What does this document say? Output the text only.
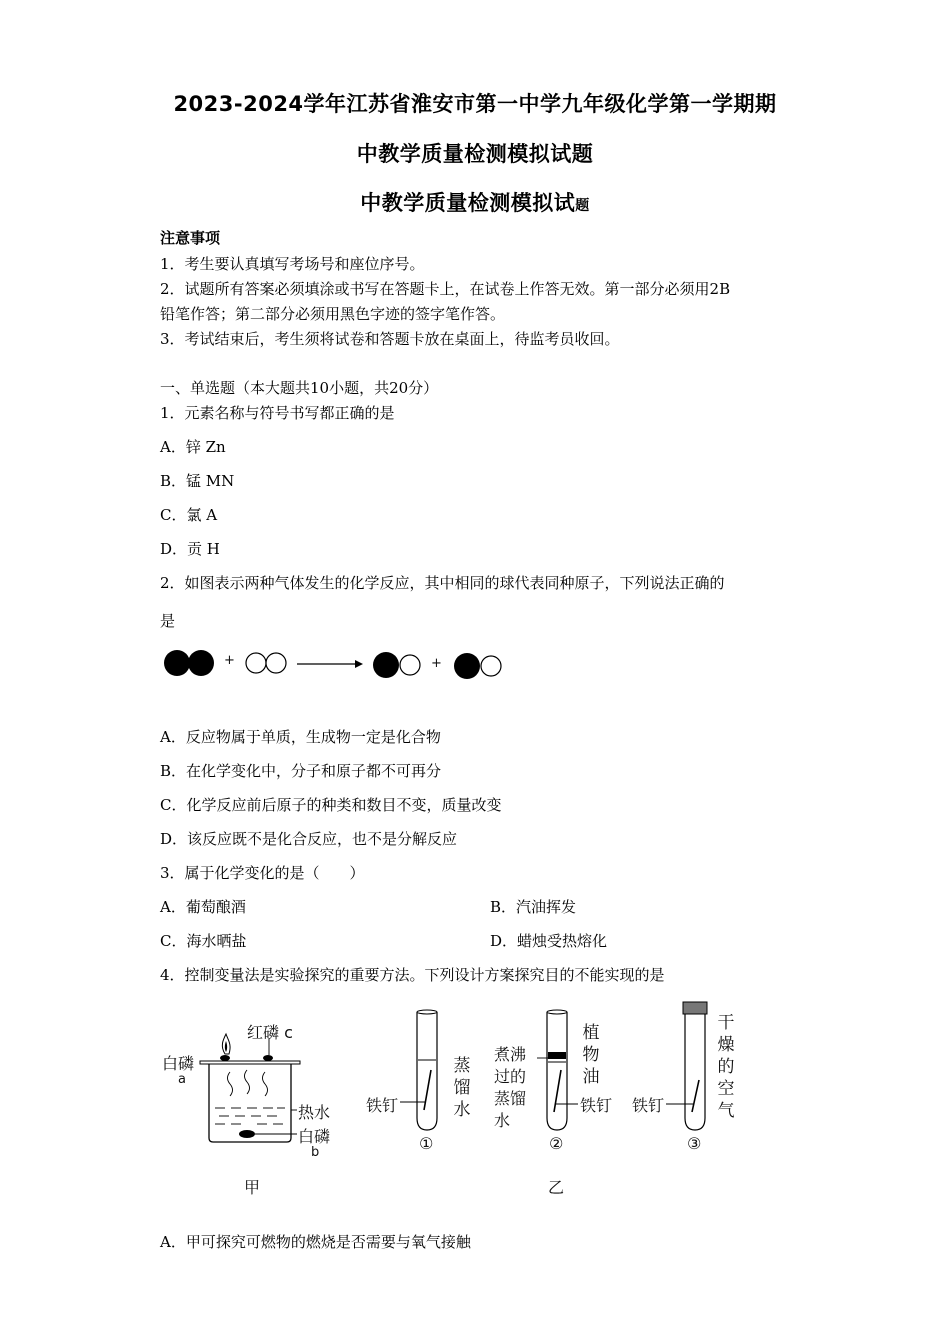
2023-2024学年江苏省淮安市第一中学九年级化学第一学期期
中教学质量检测模拟试题
中教学质量检测模拟试题
注意事项
1．考生要认真填写考场号和座位序号。
2．试题所有答案必须填涂或书写在答题卡上，在试卷上作答无效。第一部分必须用2B
铅笔作答；第二部分必须用黑色字迹的签字笔作答。
3．考试结束后，考生须将试卷和答题卡放在桌面上，待监考员收回。
一、单选题（本大题共10小题，共20分）
1．元素名称与符号书写都正确的是
A．锌 Zn
B．锰 MN
C．氯 A
D．贡 H
2．如图表示两种气体发生的化学反应，其中相同的球代表同种原子，下列说法正确的
是
+	+
A．反应物属于单质，生成物一定是化合物
B．在化学变化中，分子和原子都不可再分
C．化学反应前后原子的种类和数目不变，质量改变
D．该反应既不是化合反应，也不是分解反应
3．属于化学变化的是（　　）
A．葡萄酿酒	B．汽油挥发
C．海水晒盐	D．蜡烛受热熔化
4．控制变量法是实验探究的重要方法。下列设计方案探究目的不能实现的是
红磷 c
白磷
a
热水
白磷
b
甲
铁钉
蒸馏水
①
煮沸过的蒸馏水
植物油
铁钉
②
铁钉
干燥的空气
③
乙
A．甲可探究可燃物的燃烧是否需要与氧气接触
